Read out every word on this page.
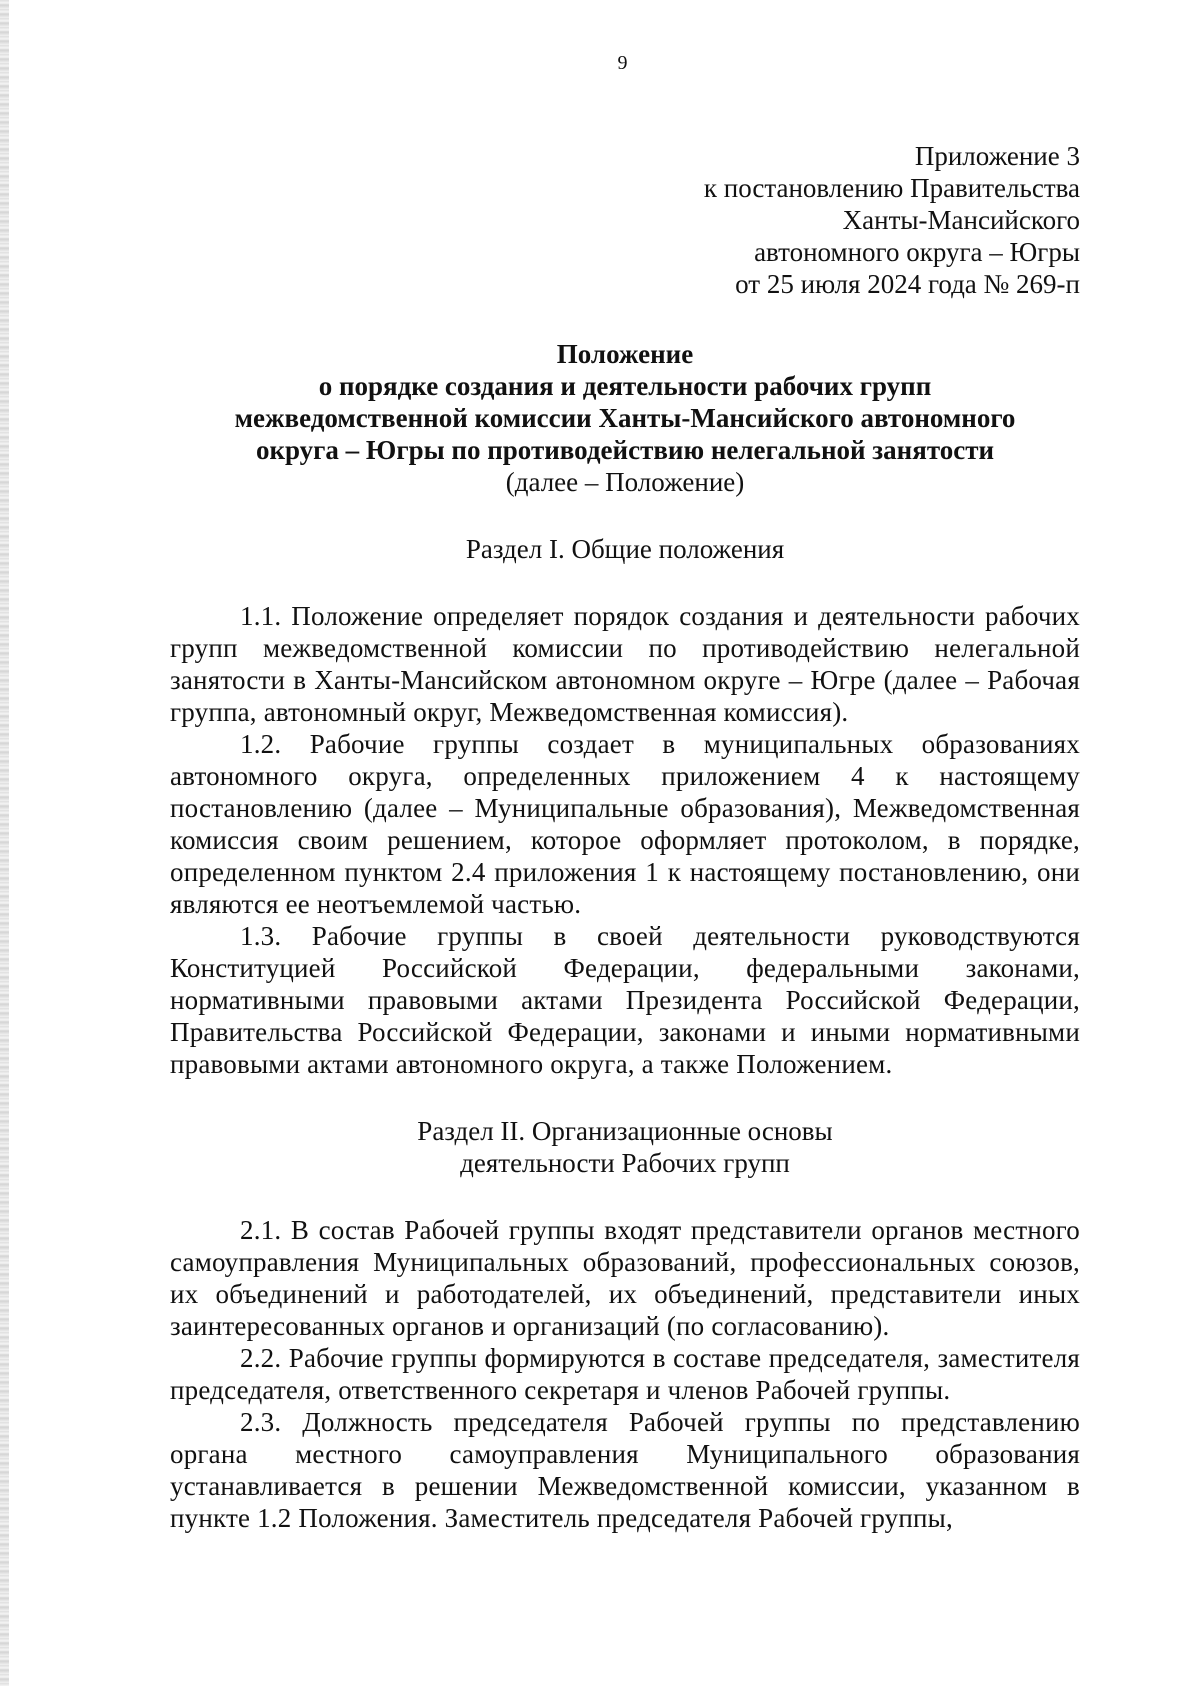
9
Приложение 3
к постановлению Правительства
Ханты-Мансийского
автономного округа – Югры
от 25 июля 2024 года № 269-п
Положение
о порядке создания и деятельности рабочих групп
межведомственной комиссии Ханты-Мансийского автономного
округа – Югры по противодействию нелегальной занятости
(далее – Положение)
Раздел I. Общие положения

1.1. Положение определяет порядок создания и деятельности рабочих групп межведомственной комиссии по противодействию нелегальной занятости в Ханты-Мансийском автономном округе – Югре (далее – Рабочая группа, автономный округ, Межведомственная комиссия).

1.2. Рабочие группы создает в муниципальных образованиях автономного округа, определенных приложением 4 к настоящему постановлению (далее – Муниципальные образования), Межведомственная комиссия своим решением, которое оформляет протоколом, в порядке, определенном пунктом 2.4 приложения 1 к настоящему постановлению, они являются ее неотъемлемой частью.

1.3. Рабочие группы в своей деятельности руководствуются Конституцией Российской Федерации, федеральными законами, нормативными правовыми актами Президента Российской Федерации, Правительства Российской Федерации, законами и иными нормативными правовыми актами автономного округа, а также Положением.

Раздел II. Организационные основы
деятельности Рабочих групп

2.1. В состав Рабочей группы входят представители органов местного самоуправления Муниципальных образований, профессиональных союзов, их объединений и работодателей, их объединений, представители иных заинтересованных органов и организаций (по согласованию).

2.2. Рабочие группы формируются в составе председателя, заместителя председателя, ответственного секретаря и членов Рабочей группы.

2.3. Должность председателя Рабочей группы по представлению органа местного самоуправления Муниципального образования устанавливается в решении Межведомственной комиссии, указанном в пункте 1.2 Положения. Заместитель председателя Рабочей группы,
